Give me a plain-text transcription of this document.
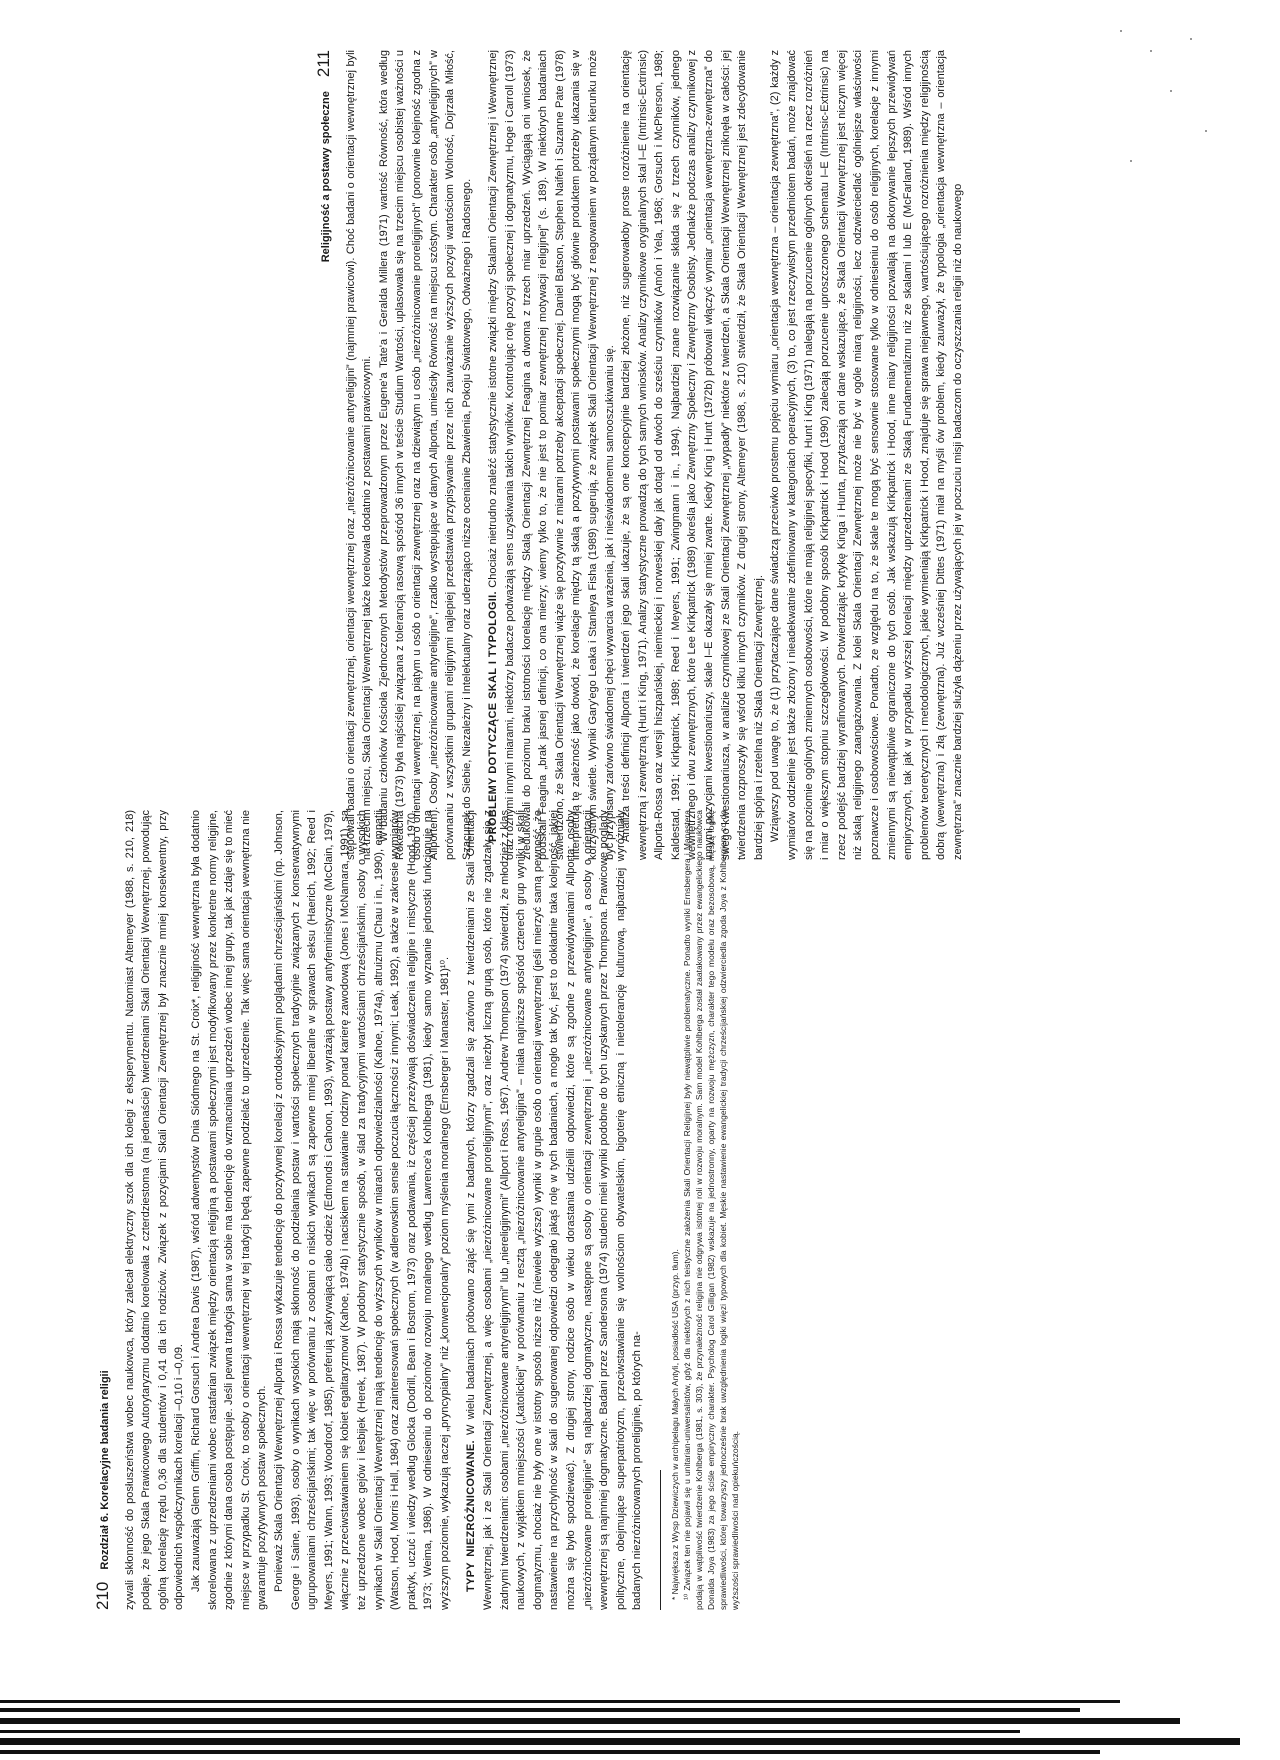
210
Rozdział 6. Korelacyjne badania religii zywali skłonność do posłuszeństwa wobec naukowca, który zalecał elektryczny szok dla ich kolegi z eksperymentu. Natomiast Altemeyer (1988, s. 210, 218) podaje, że jego Skala Prawicowego Autorytaryzmu dodatnio korelowała z czterdziestoma (na jedenaście) twierdzeniami Skali Orientacji Wewnętrznej, powodując ogólną korelację rzędu 0,36 dla studentów i 0,41 dla ich rodziców. Związek z pozycjami Skali Orientacji Zewnętrznej był znacznie mniej konsekwentny, przy odpowiednich współczynnikach korelacji –0,10 i –0,09. Jak zauważają Glenn Griffin, Richard Gorsuch i Andrea Davis (1987), wśród adwentystów Dnia Siódmego na St. Croix*, religijność wewnętrzna była dodatnio skorelowana z uprzedzeniami wobec rastafarian związek między orientacją religijną a postawami społecznymi jest modyfikowany przez konkretne normy religijne, zgodnie z którymi dana osoba postępuje. Jeśli pewna tradycja sama w sobie ma tendencję do wzmacniania uprzedzeń wobec innej grupy, tak jak zdaje się to mieć miejsce w przypadku St. Croix, to osoby o orientacji wewnętrznej w tej tradycji będą zapewne podzielać to uprzedzenie. Tak więc sama orientacja wewnętrzna nie gwarantuje pozytywnych postaw społecznych. Ponieważ Skala Orientacji Wewnętrznej Allporta i Rossa wykazuje tendencję do pozytywnej korelacji z ortodoksyjnymi poglądami chrześcijańskimi (np. Johnson, George i Saine, 1993), osoby o wynikach wysokich mają skłonność do podzielania postaw i wartości społecznych tradycyjnie związanych z konserwatywnymi ugrupowaniami chrześcijańskimi; tak więc w porównaniu z osobami o niskich wynikach są zapewne mniej liberalne w sprawach seksu (Haerich, 1992; Reed i Meyers, 1991; Wann, 1993; Woodroof, 1985), preferują zakrywającą ciało odzież (Edmonds i Cahoon, 1993), wyrażają postawy antyfeministyczne (McClain, 1979), włącznie z przeciwstawianiem się kobiet egalitaryzmowi (Kahoe, 1974b) i naciskiem na stawianie rodziny ponad karierę zawodową (Jones i McNamara, 1991), są też uprzedzone wobec gejów i lesbijek (Herek, 1987). W podobny statystycznie sposób, w ślad za tradycyjnymi wartościami chrześcijańskimi, osoby o wysokich wynikach w Skali Orientacji Wewnętrznej mają tendencję do wyższych wyników w miarach odpowiedzialności (Kahoe, 1974a), altruizmu (Chau i in., 1990), empatii (Watson, Hood, Morris i Hall, 1984) oraz zainteresowań społecznych (w adlerowskim sensie poczucia łączności z innymi; Leak, 1992), a także w zakresie wymiarów praktyk, uczuć i wiedzy według Glocka (Dodrill, Bean i Bostrom, 1973) oraz podawania, iż częściej przeżywają doświadczenia religijne i mistyczne (Hood, 1970, 1973; Weima, 1986). W odniesieniu do poziomów rozwoju moralnego według Lawrence'a Kohlberga (1981), kiedy samo wyznanie jednostki funkcjonuje na wyższym poziomie, wykazują raczej „pryncypialny” niż „konwencjonalny” poziom myślenia moralnego (Ernsberger i Manaster, 1981)¹⁰. TYPY NIEZRÓŻNICOWANE. W wielu badaniach próbowano zająć się tymi z badanych, którzy zgadzali się zarówno z twierdzeniami ze Skali Orientacji Wewnętrznej, jak i ze Skali Orientacji Zewnętrznej, a więc osobami „niezróżnicowane proreligijnymi”, oraz niezbyt liczną grupą osób, które nie zgadzały się z żadnymi twierdzeniami: osobami „niezróżnicowane antyreligijnymi” lub „niereligijnymi” (Allport i Ross, 1967). Andrew Thompson (1974) stwierdził, że młodzież z klas naukowych, z wyjątkiem mniejszości („katolickiej” w porównaniu z resztą „niezróżnicowanie antyreligijna” – miała najniższe spośród czterech grup wyniki w skali dogmatyzmu, chociaż nie były one w istotny sposób niższe niż (niewiele wyższe) wyniki w grupie osób o orientacji wewnętrznej (jeśli mierzyć samą pewność, że nastawienie na przychylność w skali do sugerowanej odpowiedzi odegrało jakąś rolę w tych badaniach, a mogło tak być, jest to dokładnie taka kolejność, jakiej można się było spodziewać). Z drugiej strony, rodzice osób w wieku dorastania udzielili odpowiedzi, które są zgodne z przewidywaniami Allporta: osoby „niezróżnicowane proreligijnie” są najbardziej dogmatyczne, następne są osoby o orientacji zewnętrznej i „niezróżnicowane antyreligijnie”, a osoby o orientacji wewnętrznej są najmniej dogmatyczne. Badani przez Sandersona (1974) studenci mieli wyniki podobne do tych uzyskanych przez Thompsona. Prawicowe poglądy polityczne, obejmujące superpatriotyzm, przeciwstawianie się wolnościom obywatelskim, bigoterię etniczną i nietolerancję kulturową, najbardziej wyróżniały badanych niezróżnicowanych proreligijnie, po których na-	* Największa z Wysp Dziewiczych w archipelagu Małych Antyli, posiadłość USA (przyp. tłum). ¹⁰ Związek ten nie pojawił się u unitarian-uniwersalistów, gdyż dla niektórych z nich teistyczne założenia Skali Orientacji Religijnej były niewątpliwie problematyczne. Ponadto wyniki Ernsbergera i Manastera podają w wątpliwość twierdzenie Kohlberga (1981, s. 303), że przynależność religijna nie odgrywa istotnej roli w rozwoju moralnym. Sam model Kohlberga został zaatakowany przez ewangelickiego naukowca Donalda Joya (1983) za jego ściśle empiryczny charakter. Psycholog Carol Gilligan (1982) wskazuje na jednostronny, oparty na rozwoju mężczyzn, charakter tego modelu oraz bezosobową, męską logikę sprawiedliwości, której towarzyszy jednocześnie brak uwzględnienia logiki więzi typowych dla kobiet. Męskie nastawienie ewangelickiej tradycji chrześcijańskiej odzwierciedla zgoda Joya z Kohlbergiem co do wyższości sprawiedliwości nad opiekuńczością.

Religijność a postawy społeczne
211 stępowali badani o orientacji zewnętrznej, orientacji wewnętrznej oraz „niezróżnicowanie antyreligijni” (najmniej prawicowi). Choć badani o orientacji wewnętrznej byli na trzecim miejscu, Skala Orientacji Wewnętrznej także korelowała dodatnio z postawami prawicowymi. W badaniu członków Kościoła Zjednoczonych Metodystów przeprowadzonym przez Eugene'a Tate'a i Geralda Millera (1971) wartość Równość, która według Rokeacha (1973) była najściślej związana z tolerancją rasową spośród 36 innych w teście Studium Wartości, uplasowała się na trzecim miejscu osobistej ważności u osób o orientacji wewnętrznej, na piątym u osób o orientacji zewnętrznej oraz na dziewiątym u osób „niezróżnicowanie proreligijnych” (ponownie kolejność zgodna z Allportem). Osoby „niezróżnicowanie antyreligijne”, rzadko występujące w danych Allporta, umieściły Równość na miejscu szóstym. Charakter osób „antyreligijnych” w porównaniu z wszystkimi grupami religijnymi najlepiej przedstawia przypisywanie przez nich zauważanie wyższych pozycji wartościom Wolność, Dojrzała Miłość, Szacunek do Siebie, Niezależny i Intelektualny oraz uderzająco niższe ocenianie Zbawienia, Pokoju Światowego, Odważnego i Radosnego. PROBLEMY DOTYCZĄCE SKAL I TYPOLOGII. Chociaż nietrudno znaleźć statystycznie istotne związki między Skalami Orientacji Zewnętrznej i Wewnętrznej oraz różnymi innymi miarami, niektórzy badacze podważają sens uzyskiwania takich wyników. Kontrolując rolę pozycji społecznej i dogmatyzmu, Hoge i Carroll (1973) zredukowali do poziomu braku istotności korelację między Skalą Orientacji Zewnętrznej Feagina a dwoma z trzech miar uprzedzeń. Wyciągają oni wniosek, że podskali Feagina „brak jasnej definicji, co ona mierzy; wiemy tylko to, że nie jest to pomiar zewnętrznej motywacji religijnej” (s. 189). W niektórych badaniach stwierdzono, że Skala Orientacji Wewnętrznej wiąże się pozytywnie z miarami potrzeby akceptacji społecznej. Daniel Batson, Stephen Naifeh i Suzanne Pate (1978) interpretują tę zależność jako dowód, że korelacje między tą skalą a pozytywnymi postawami społecznymi mogą być głównie produktem potrzeby ukazania się w korzystnym świetle. Wyniki Gary'ego Leaka i Stanleya Fisha (1989) sugerują, że związek Skali Orientacji Wewnętrznej z reagowaniem w pożądanym kierunku może być przypisany zarówno świadomej chęci wywarcia wrażenia, jak i nieświadomemu samooszukiwaniu się. Analiza treści definicji Allporta i twierdzeń jego skali ukazuje, że są one koncepcyjnie bardziej złożone, niż sugerowałoby proste rozróżnienie na orientację wewnętrzną i zewnętrzną (Hunt i King, 1971). Analizy statystyczne prowadzą do tych samych wniosków. Analizy czynnikowe oryginalnych skal I–E (Intrinsic-Extrinsic) Allporta-Rossa oraz wersji hiszpańskiej, niemieckiej i norweskiej dały jak dotąd od dwóch do sześciu czynników (Amón i Yela, 1968; Gorsuch i McPherson, 1989; Kaldestad, 1991; Kirkpatrick, 1989; Reed i Meyers, 1991; Zwingmann i in., 1994). Najbardziej znane rozwiązanie składa się z trzech czynników, jednego wewnętrznego i dwu zewnętrznych, które Lee Kirkpatrick (1989) określa jako Zewnętrzny Społeczny i Zewnętrzny Osobisty. Jednakże podczas analizy czynnikowej z innymi pozycjami kwestionariuszy, skale I–E okazały się mniej zwarte. Kiedy King i Hunt (1972b) próbowali włączyć wymiar „orientacja wewnętrzna-zewnętrzna” do swego kwestionariusza, w analizie czynnikowej ze Skali Orientacji Zewnętrznej „wypadły” niektóre z twierdzeń, a Skala Orientacji Wewnętrznej zniknęła w całości: jej twierdzenia rozproszyły się wśród kilku innych czynników. Z drugiej strony, Altemeyer (1988, s. 210) stwierdził, że Skala Orientacji Wewnętrznej jest zdecydowanie bardziej spójna i rzetelna niż Skala Orientacji Zewnętrznej. Wziąwszy pod uwagę to, że (1) przytaczające dane świadczą przeciwko prostemu pojęciu wymiaru „orientacja wewnętrzna – orientacja zewnętrzna”, (2) każdy z wymiarów oddzielnie jest także złożony i nieadekwatnie zdefiniowany w kategoriach operacyjnych, (3) to, co jest rzeczywistym przedmiotem badań, może znajdować się na poziomie ogólnych zmiennych osobowości, które nie mają religijnej specyfiki, Hunt i King (1971) nalegają na porzucenie ogólnych określeń na rzecz rozróżnień i miar o większym stopniu szczegółowości. W podobny sposób Kirkpatrick i Hood (1990) zalecają porzucenie uproszczonego schematu I–E (Intrinsic-Extrinsic) na rzecz podejść bardziej wyrafinowanych. Potwierdzając krytykę Kinga i Hunta, przytaczają oni dane wskazujące, że Skala Orientacji Wewnętrznej jest niczym więcej niż skalą religijnego zaangażowania. Z kolei Skala Orientacji Zewnętrznej może nie być w ogóle miarą religijności, lecz odzwierciedlać ogólniejsze właściwości poznawcze i osobowościowe. Ponadto, ze względu na to, że skale te mogą być sensownie stosowane tylko w odniesieniu do osób religijnych, korelacje z innymi zmiennymi są niewątpliwie ograniczone do tych osób. Jak wskazują Kirkpatrick i Hood, inne miary religijności pozwalają na dokonywanie lepszych przewidywań empirycznych, tak jak w przypadku wyższej korelacji między uprzedzeniami ze Skalą Fundamentalizmu niż ze skalami I lub E (McFarland, 1989). Wśród innych problemów teoretycznych i metodologicznych, jakie wymieniają Kirkpatrick i Hood, znajduje się sprawa niejawnego, wartościującego rozróżnienia między religijnością dobrą (wewnętrzna) i złą (zewnętrzna). Już wcześniej Dittes (1971) miał na myśli ów problem, kiedy zauważył, że typologia „orientacja wewnętrzna – orientacja zewnętrzna” znacznie bardziej służyła dążeniu przez używających jej w poczuciu misji badaczom do oczyszczania religii niż do naukowego
